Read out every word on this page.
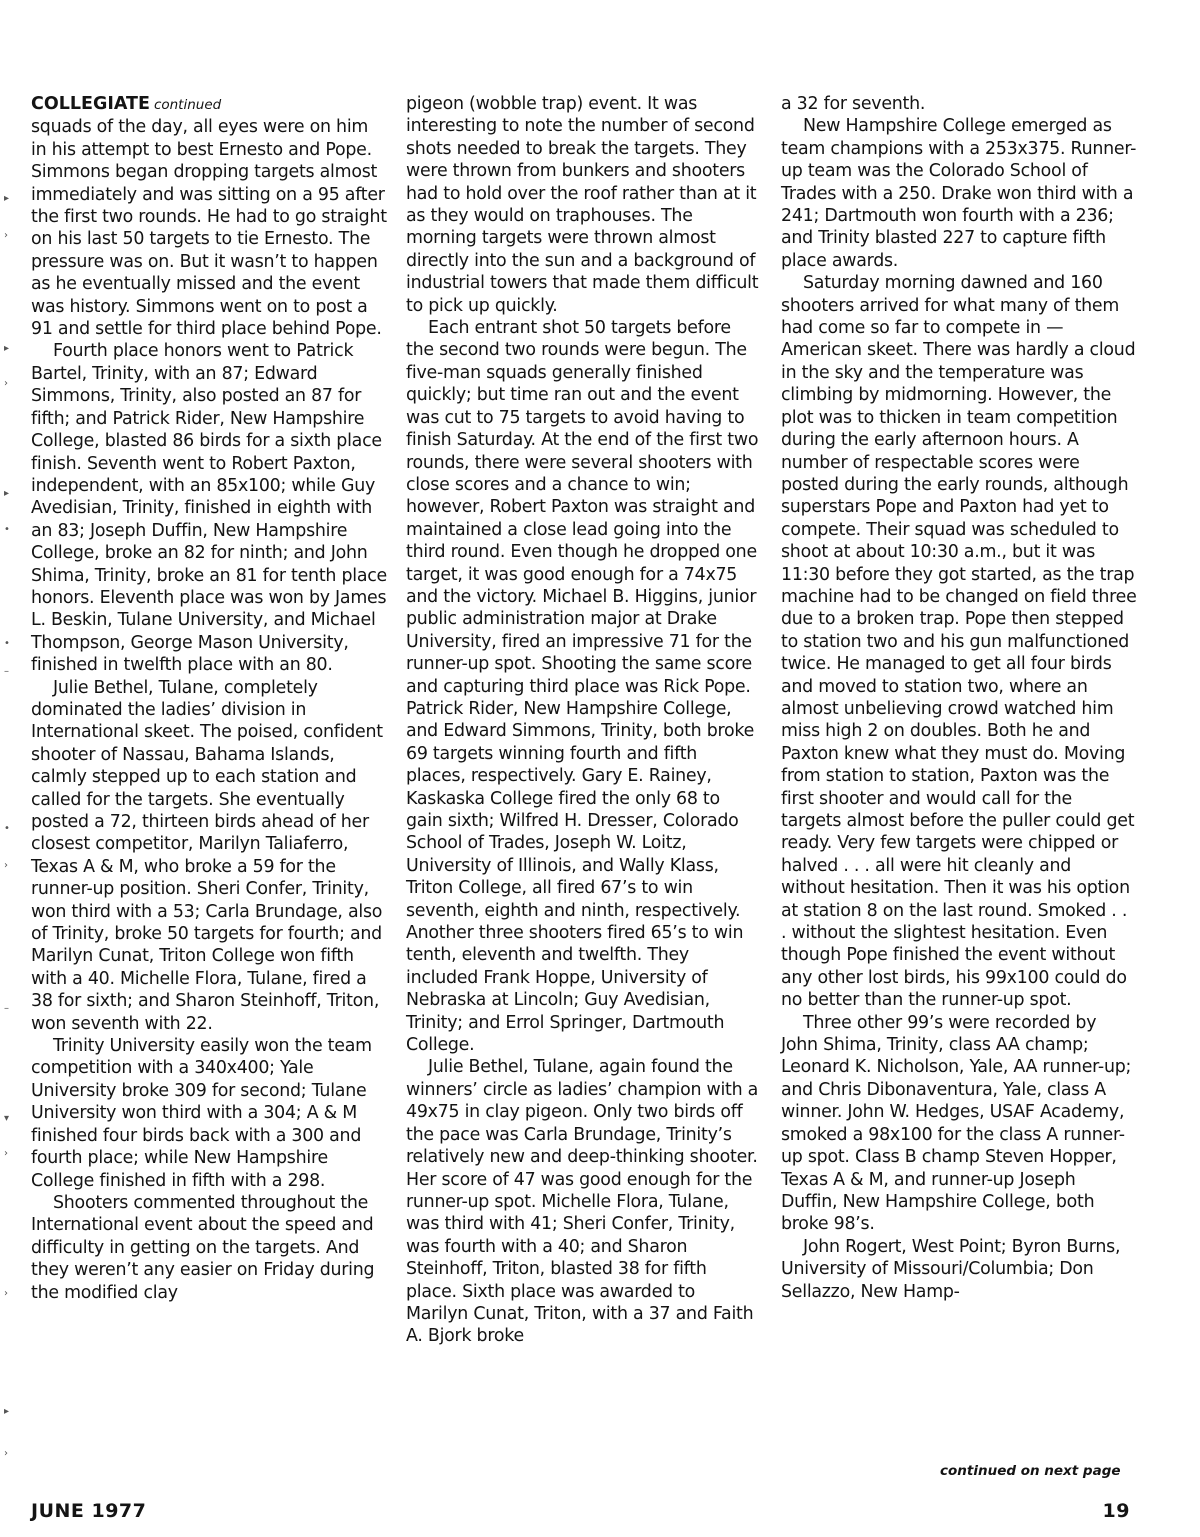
COLLEGIATE continued

squads of the day, all eyes were on him in his attempt to best Ernesto and Pope. Simmons began dropping targets almost immediately and was sitting on a 95 after the first two rounds. He had to go straight on his last 50 targets to tie Ernesto. The pressure was on. But it wasn’t to happen as he eventually missed and the event was history. Simmons went on to post a 91 and settle for third place behind Pope.

Fourth place honors went to Patrick Bartel, Trinity, with an 87; Edward Simmons, Trinity, also posted an 87 for fifth; and Patrick Rider, New Hampshire College, blasted 86 birds for a sixth place finish. Seventh went to Robert Paxton, independent, with an 85x100; while Guy Avedisian, Trinity, finished in eighth with an 83; Joseph Duffin, New Hampshire College, broke an 82 for ninth; and John Shima, Trinity, broke an 81 for tenth place honors. Eleventh place was won by James L. Beskin, Tulane University, and Michael Thompson, George Mason University, finished in twelfth place with an 80.

Julie Bethel, Tulane, completely dominated the ladies’ division in International skeet. The poised, confident shooter of Nassau, Bahama Islands, calmly stepped up to each station and called for the targets. She eventually posted a 72, thirteen birds ahead of her closest competitor, Marilyn Taliaferro, Texas A & M, who broke a 59 for the runner-up position. Sheri Confer, Trinity, won third with a 53; Carla Brundage, also of Trinity, broke 50 targets for fourth; and Marilyn Cunat, Triton College won fifth with a 40. Michelle Flora, Tulane, fired a 38 for sixth; and Sharon Steinhoff, Triton, won seventh with 22.

Trinity University easily won the team competition with a 340x400; Yale University broke 309 for second; Tulane University won third with a 304; A & M finished four birds back with a 300 and fourth place; while New Hampshire College finished in fifth with a 298.

Shooters commented throughout the International event about the speed and difficulty in getting on the targets. And they weren’t any easier on Friday during the modified clay

pigeon (wobble trap) event. It was interesting to note the number of second shots needed to break the targets. They were thrown from bunkers and shooters had to hold over the roof rather than at it as they would on traphouses. The morning targets were thrown almost directly into the sun and a background of industrial towers that made them difficult to pick up quickly.

Each entrant shot 50 targets before the second two rounds were begun. The five-man squads generally finished quickly; but time ran out and the event was cut to 75 targets to avoid having to finish Saturday. At the end of the first two rounds, there were several shooters with close scores and a chance to win; however, Robert Paxton was straight and maintained a close lead going into the third round. Even though he dropped one target, it was good enough for a 74x75 and the victory. Michael B. Higgins, junior public administration major at Drake University, fired an impressive 71 for the runner-up spot. Shooting the same score and capturing third place was Rick Pope. Patrick Rider, New Hampshire College, and Edward Simmons, Trinity, both broke 69 targets winning fourth and fifth places, respectively. Gary E. Rainey, Kaskaska College fired the only 68 to gain sixth; Wilfred H. Dresser, Colorado School of Trades, Joseph W. Loitz, University of Illinois, and Wally Klass, Triton College, all fired 67’s to win seventh, eighth and ninth, respectively. Another three shooters fired 65’s to win tenth, eleventh and twelfth. They included Frank Hoppe, University of Nebraska at Lincoln; Guy Avedisian, Trinity; and Errol Springer, Dartmouth College.

Julie Bethel, Tulane, again found the winners’ circle as ladies’ champion with a 49x75 in clay pigeon. Only two birds off the pace was Carla Brundage, Trinity’s relatively new and deep-thinking shooter. Her score of 47 was good enough for the runner-up spot. Michelle Flora, Tulane, was third with 41; Sheri Confer, Trinity, was fourth with a 40; and Sharon Steinhoff, Triton, blasted 38 for fifth place. Sixth place was awarded to Marilyn Cunat, Triton, with a 37 and Faith A. Bjork broke

a 32 for seventh.

New Hampshire College emerged as team champions with a 253x375. Runner-up team was the Colorado School of Trades with a 250. Drake won third with a 241; Dartmouth won fourth with a 236; and Trinity blasted 227 to capture fifth place awards.

Saturday morning dawned and 160 shooters arrived for what many of them had come so far to compete in — American skeet. There was hardly a cloud in the sky and the temperature was climbing by midmorning. However, the plot was to thicken in team competition during the early afternoon hours. A number of respectable scores were posted during the early rounds, although superstars Pope and Paxton had yet to compete. Their squad was scheduled to shoot at about 10:30 a.m., but it was 11:30 before they got started, as the trap machine had to be changed on field three due to a broken trap. Pope then stepped to station two and his gun malfunctioned twice. He managed to get all four birds and moved to station two, where an almost unbelieving crowd watched him miss high 2 on doubles. Both he and Paxton knew what they must do. Moving from station to station, Paxton was the first shooter and would call for the targets almost before the puller could get ready. Very few targets were chipped or halved . . . all were hit cleanly and without hesitation. Then it was his option at station 8 on the last round. Smoked . . . without the slightest hesitation. Even though Pope finished the event without any other lost birds, his 99x100 could do no better than the runner-up spot.

Three other 99’s were recorded by John Shima, Trinity, class AA champ; Leonard K. Nicholson, Yale, AA runner-up; and Chris Dibonaventura, Yale, class A winner. John W. Hedges, USAF Academy, smoked a 98x100 for the class A runner-up spot. Class B champ Steven Hopper, Texas A & M, and runner-up Joseph Duffin, New Hampshire College, both broke 98’s.

John Rogert, West Point; Byron Burns, University of Missouri/Columbia; Don Sellazzo, New Hamp-

continued on next page
JUNE 1977	19
▸
›
▸
›
▸
•
•
–
•
›
–
▾
›
›
▸
›
